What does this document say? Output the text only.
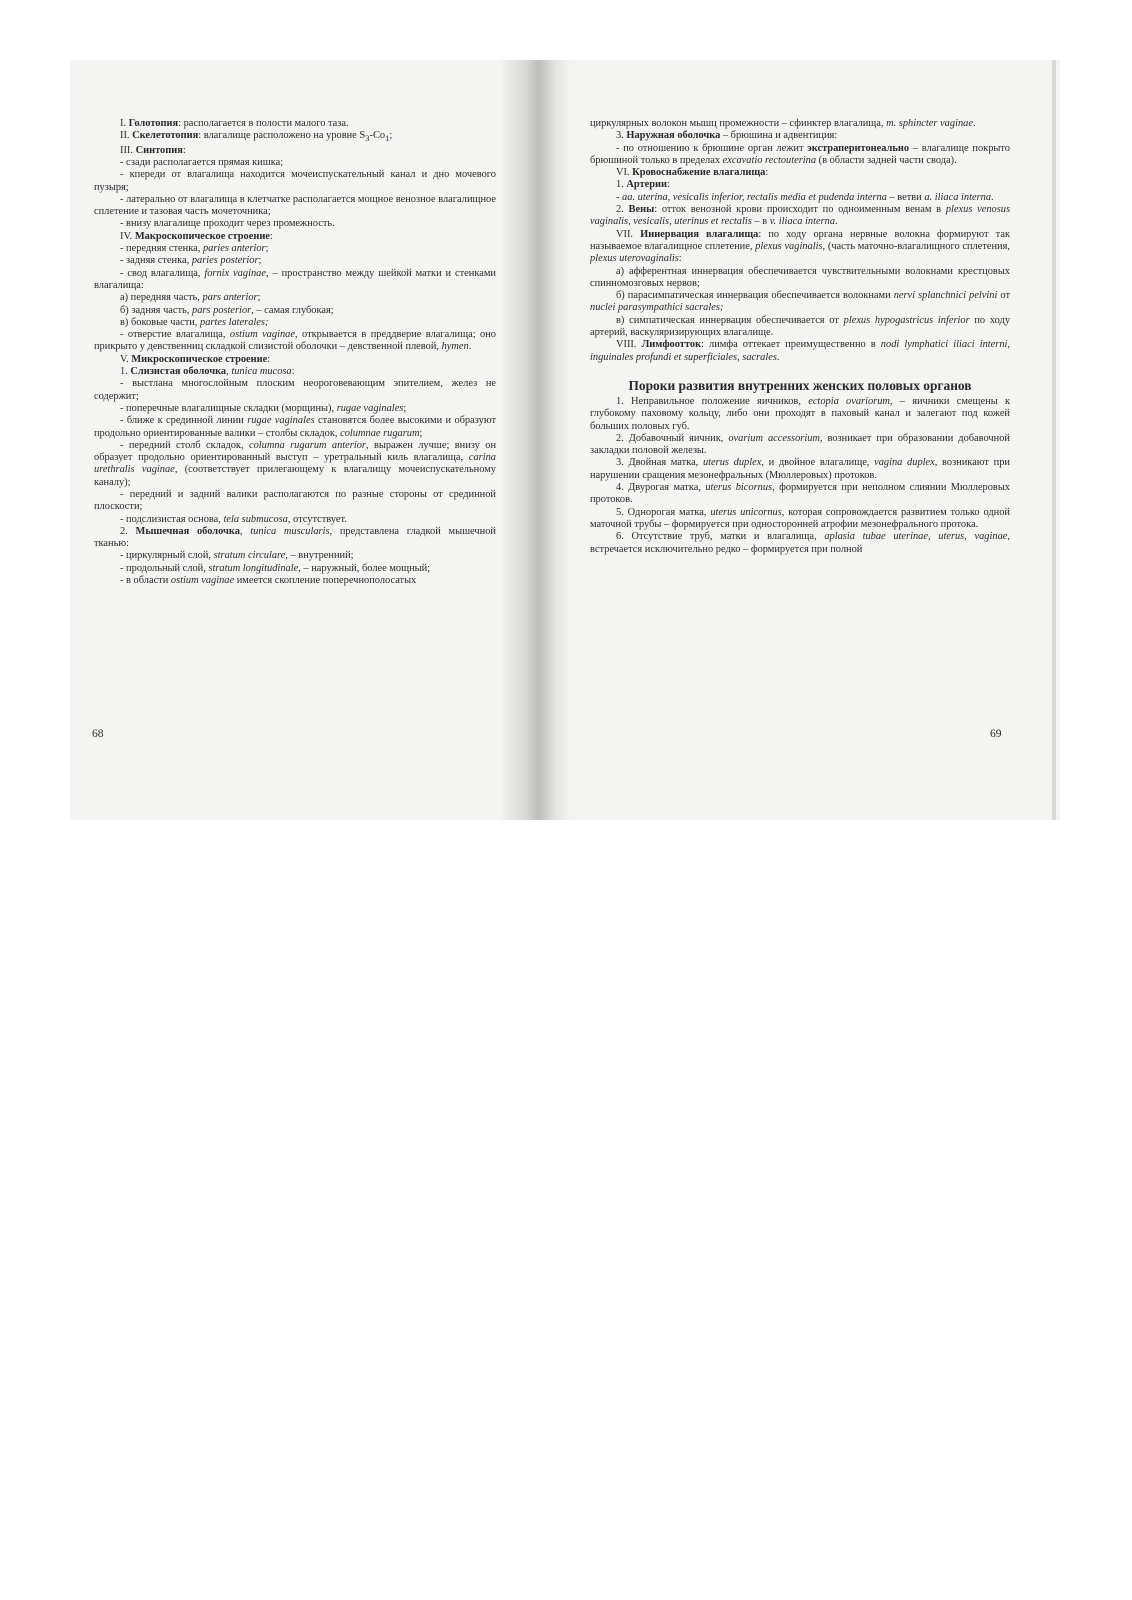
I. Голотопия: располагается в полости малого таза.

II. Скелетотопия: влагалище расположено на уровне $S_3-Co_1$;

III. Синтопия:

- сзади располагается прямая кишка;

- кпереди от влагалища находится мочеиспускательный канал и дно мочевого пузыря;

- латерально от влагалища в клетчатке располагается мощное венозное влагалищное сплетение и тазовая часть мочеточника;

- внизу влагалище проходит через промежность.

IV. Макроскопическое строение:

- передняя стенка, paries anterior;

- задняя стенка, paries posterior;

- свод влагалища, fornix vaginae, – пространство между шейкой матки и стенками влагалища:

а) передняя часть, pars anterior;

б) задняя часть, pars posterior, – самая глубокая;

в) боковые части, partes laterales;

- отверстие влагалища, ostium vaginae, открывается в преддверие влагалища; оно прикрыто у девственниц складкой слизистой оболочки – девственной плевой, hymen.

V. Микроскопическое строение:

1. Слизистая оболочка, tunica mucosa:

- выстлана многослойным плоским неороговевающим эпителием, желез не содержит;

- поперечные влагалищные складки (морщины), rugae vaginales;

- ближе к срединной линии rugae vaginales становятся более высокими и образуют продольно ориентированные валики – столбы складок, columnae rugarum;

- передний столб складок, columna rugarum anterior, выражен лучше; внизу он образует продольно ориентированный выступ – уретральный киль влагалища, carina urethralis vaginae, (соответствует прилегающему к влагалищу мочеиспускательному каналу);

- передний и задний валики располагаются по разные стороны от срединной плоскости;

- подслизистая основа, tela submucosa, отсутствует.

2. Мышечная оболочка, tunica muscularis, представлена гладкой мышечной тканью:

- циркулярный слой, stratum circulare, – внутренний;

- продольный слой, stratum longitudinale, – наружный, более мощный;

- в области ostium vaginae имеется скопление поперечнополосатых

68

циркулярных волокон мышц промежности – сфинктер влагалища, m. sphincter vaginae.

3. Наружная оболочка – брюшина и адвентиция:

- по отношению к брюшине орган лежит экстраперитонеально – влагалище покрыто брюшиной только в пределах excavatio rectouterina (в области задней части свода).

VI. Кровоснабжение влагалища:

1. Артерии:

- aa. uterina, vesicalis inferior, rectalis media et pudenda interna – ветви a. iliaca interna.

2. Вены: отток венозной крови происходит по одноименным венам в plexus venosus vaginalis, vesicalis, uterinus et rectalis – в v. iliaca interna.

VII. Иннервация влагалища: по ходу органа нервные волокна формируют так называемое влагалищное сплетение, plexus vaginalis, (часть маточно-влагалищного сплетения, plexus uterovaginalis:

а) афферентная иннервация обеспечивается чувствительными волокнами крестцовых спинномозговых нервов;

б) парасимпатическая иннервация обеспечивается волокнами nervi splanchnici pelvini от nuclei parasympathici sacrales;

в) симпатическая иннервация обеспечивается от plexus hypogastricus inferior по ходу артерий, васкуляризирующих влагалище.

VIII. Лимфоотток: лимфа оттекает преимущественно в nodi lymphatici iliaci interni, inguinales profundi et superficiales, sacrales.

Пороки развития внутренних женских половых органов

1. Неправильное положение яичников, ectopia ovariorum, – яичники смещены к глубокому паховому кольцу, либо они проходят в паховый канал и залегают под кожей больших половых губ.

2. Добавочный яичник, ovarium accessorium, возникает при образовании добавочной закладки половой железы.

3. Двойная матка, uterus duplex, и двойное влагалище, vagina duplex, возникают при нарушении сращения мезонефральных (Мюллеровых) протоков.

4. Двурогая матка, uterus bicornus, формируется при неполном слиянии Мюллеровых протоков.

5. Однорогая матка, uterus unicornus, которая сопровождается развитием только одной маточной трубы – формируется при односторонней атрофии мезонефрального протока.

6. Отсутствие труб, матки и влагалища, aplasia tubae uterinae, uterus, vaginae, встречается исключительно редко – формируется при полной

69
